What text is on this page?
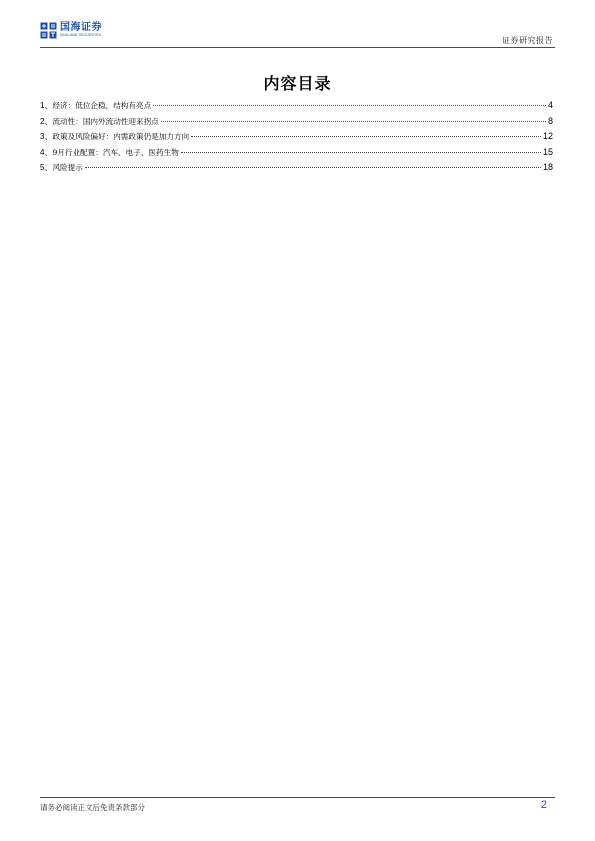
国海证券
SEALAND SECURITIES
证券研究报告
内容目录
1、 经济：低位企稳，结构有亮点	4
2、 流动性：国内外流动性迎来拐点	8
3、 政策及风险偏好：内需政策仍是加力方向	12
4、 9月行业配置：汽车、电子、医药生物	15
5、 风险提示	18
请务必阅读正文后免责条款部分	2
